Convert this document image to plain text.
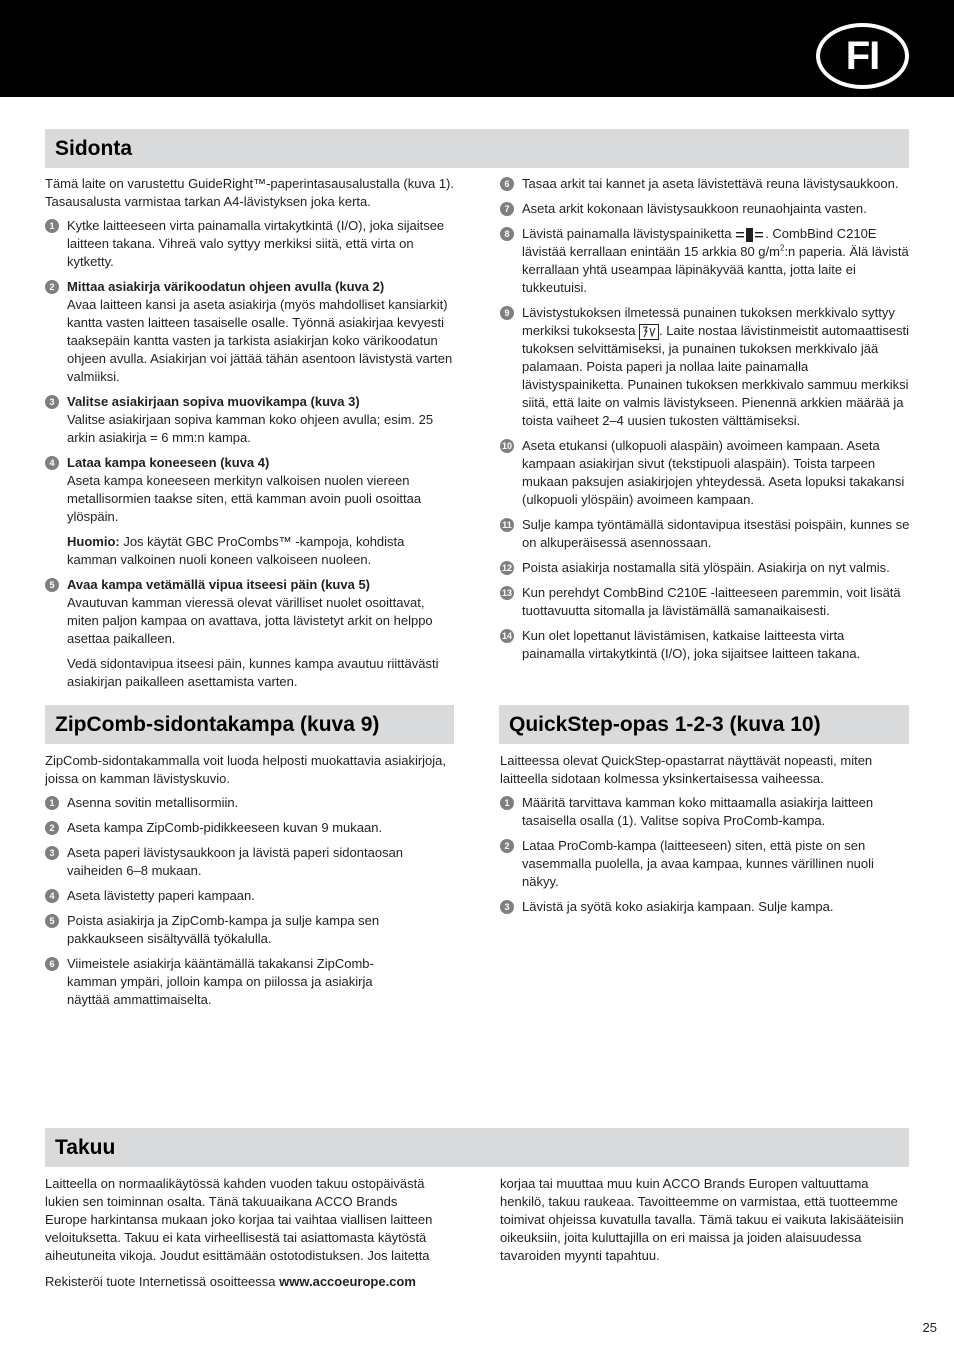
FI
Sidonta

Tämä laite on varustettu GuideRight™-paperintasausalustalla (kuva 1). Tasausalusta varmistaa tarkan A4-lävistyksen joka kerta.

1 Kytke laitteeseen virta painamalla virtakytkintä (I/O), joka sijaitsee laitteen takana. Vihreä valo syttyy merkiksi siitä, että virta on kytketty.
2 Mittaa asiakirja värikoodatun ohjeen avulla (kuva 2)
Avaa laitteen kansi ja aseta asiakirja (myös mahdolliset kansiarkit) kantta vasten laitteen tasaiselle osalle. Työnnä asiakirjaa kevyesti taaksepäin kantta vasten ja tarkista asiakirjan koko värikoodatun ohjeen avulla. Asiakirjan voi jättää tähän asentoon lävistystä varten valmiiksi.
3 Valitse asiakirjaan sopiva muovikampa (kuva 3)
Valitse asiakirjaan sopiva kamman koko ohjeen avulla; esim. 25 arkin asiakirja = 6 mm:n kampa.
4 Lataa kampa koneeseen (kuva 4)
Aseta kampa koneeseen merkityn valkoisen nuolen viereen metallisormien taakse siten, että kamman avoin puoli osoittaa ylöspäin.
Huomio: Jos käytät GBC ProCombs™ -kampoja, kohdista kamman valkoinen nuoli koneen valkoiseen nuoleen.
5 Avaa kampa vetämällä vipua itseesi päin (kuva 5)
Avautuvan kamman vieressä olevat värilliset nuolet osoittavat, miten paljon kampaa on avattava, jotta lävistetyt arkit on helppo asettaa paikalleen.
Vedä sidontavipua itseesi päin, kunnes kampa avautuu riittävästi asiakirjan paikalleen asettamista varten.
6 Tasaa arkit tai kannet ja aseta lävistettävä reuna lävistysaukkoon.
7 Aseta arkit kokonaan lävistysaukkoon reunaohjainta vasten.
8 Lävistä painamalla lävistyspainiketta	. CombBind C210E lävistää kerrallaan enintään 15 arkkia 80 $g/m^2:n$ paperia. Älä lävistä kerrallaan yhtä useampaa läpinäkyvää kantta, jotta laite ei tukkeutuisi.
9 Lävistystukoksen ilmetessä punainen tukoksen merkkivalo syttyy merkiksi tukoksesta . Laite nostaa lävistinmeistit automaattisesti tukoksen selvittämiseksi, ja punainen tukoksen merkkivalo jää palamaan. Poista paperi ja nollaa laite painamalla lävistyspainiketta. Punainen tukoksen merkkivalo sammuu merkiksi siitä, että laite on valmis lävistykseen. Pienennä arkkien määrää ja toista vaiheet 2–4 uusien tukosten välttämiseksi.
10 Aseta etukansi (ulkopuoli alaspäin) avoimeen kampaan. Aseta kampaan asiakirjan sivut (tekstipuoli alaspäin). Toista tarpeen mukaan paksujen asiakirjojen yhteydessä. Aseta lopuksi takakansi (ulkopuoli ylöspäin) avoimeen kampaan.
11 Sulje kampa työntämällä sidontavipua itsestäsi poispäin, kunnes se on alkuperäisessä asennossaan.
12 Poista asiakirja nostamalla sitä ylöspäin. Asiakirja on nyt valmis.
13 Kun perehdyt CombBind C210E -laitteeseen paremmin, voit lisätä tuottavuutta sitomalla ja lävistämällä samanaikaisesti.
14 Kun olet lopettanut lävistämisen, katkaise laitteesta virta painamalla virtakytkintä (I/O), joka sijaitsee laitteen takana.
ZipComb-sidontakampa (kuva 9)

ZipComb-sidontakammalla voit luoda helposti muokattavia asiakirjoja, joissa on kamman lävistyskuvio.

1 Asenna sovitin metallisormiin.
2 Aseta kampa ZipComb-pidikkeeseen kuvan 9 mukaan.
3 Aseta paperi lävistysaukkoon ja lävistä paperi sidontaosan vaiheiden 6–8 mukaan.
4 Aseta lävistetty paperi kampaan.
5 Poista asiakirja ja ZipComb-kampa ja sulje kampa sen pakkaukseen sisältyvällä työkalulla.
6 Viimeistele asiakirja kääntämällä takakansi ZipComb-kamman ympäri, jolloin kampa on piilossa ja asiakirja näyttää ammattimaiselta.
QuickStep-opas 1-2-3 (kuva 10)

Laitteessa olevat QuickStep-opastarrat näyttävät nopeasti, miten laitteella sidotaan kolmessa yksinkertaisessa vaiheessa.

1 Määritä tarvittava kamman koko mittaamalla asiakirja laitteen tasaisella osalla (1). Valitse sopiva ProComb-kampa.
2 Lataa ProComb-kampa (laitteeseen) siten, että piste on sen vasemmalla puolella, ja avaa kampaa, kunnes värillinen nuoli näkyy.
3 Lävistä ja syötä koko asiakirja kampaan. Sulje kampa.
Takuu

Laitteella on normaalikäytössä kahden vuoden takuu ostopäivästä lukien sen toiminnan osalta. Tänä takuuaikana ACCO Brands Europe harkintansa mukaan joko korjaa tai vaihtaa viallisen laitteen veloituksetta. Takuu ei kata virheellisestä tai asiattomasta käytöstä aiheutuneita vikoja. Joudut esittämään ostotodistuksen. Jos laitetta

Rekisteröi tuote Internetissä osoitteessa www.accoeurope.com

korjaa tai muuttaa muu kuin ACCO Brands Europen valtuuttama henkilö, takuu raukeaa. Tavoitteemme on varmistaa, että tuotteemme toimivat ohjeissa kuvatulla tavalla. Tämä takuu ei vaikuta lakisääteisiin oikeuksiin, joita kuluttajilla on eri maissa ja joiden alaisuudessa tavaroiden myynti tapahtuu.

25
